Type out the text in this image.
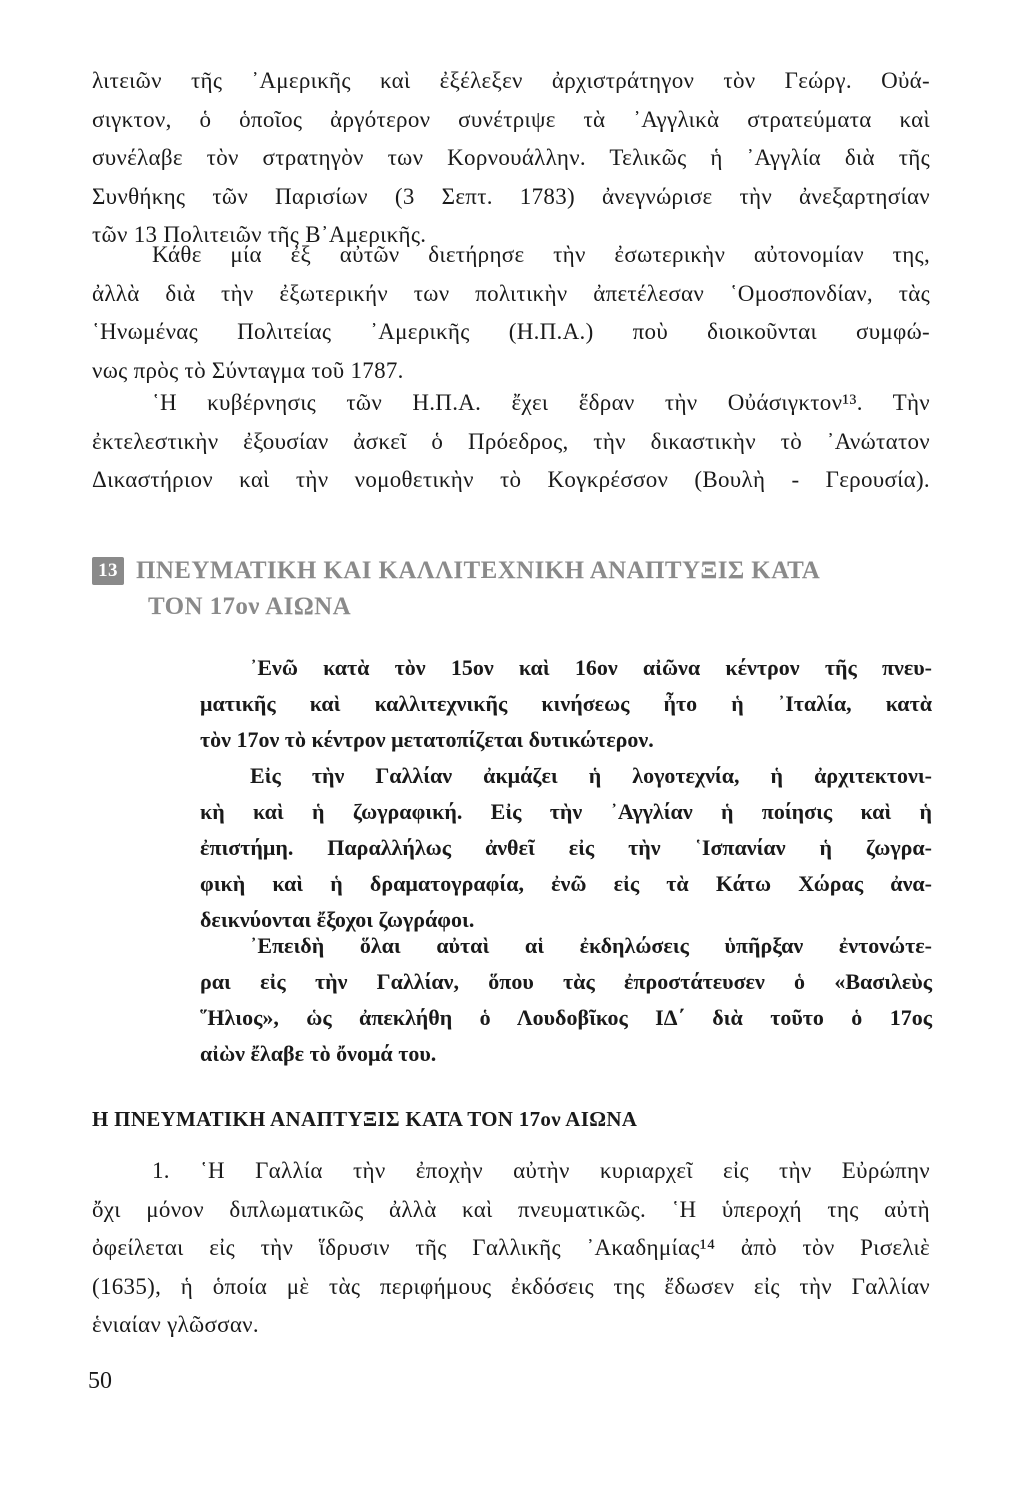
λιτειῶν τῆς ᾿Αμερικῆς καὶ ἐξέλεξεν ἀρχιστράτηγον τὸν Γεώργ. Οὐά-
σιγκτον, ὁ ὁποῖος ἀργότερον συνέτριψε τὰ ᾿Αγγλικὰ στρατεύματα καὶ
συνέλαβε τὸν στρατηγὸν των Κορνουάλλην. Τελικῶς ἡ ᾿Αγγλία διὰ τῆς
Συνθήκης τῶν Παρισίων (3 Σεπτ. 1783) ἀνεγνώρισε τὴν ἀνεξαρτησίαν
τῶν 13 Πολιτειῶν τῆς Β᾿Αμερικῆς.
Κάθε μία ἐξ αὐτῶν διετήρησε τὴν ἐσωτερικὴν αὐτονομίαν της,
ἀλλὰ διὰ τὴν ἐξωτερικήν των πολιτικὴν ἀπετέλεσαν ῾Ομοσπονδίαν, τὰς
῾Ηνωμένας Πολιτείας ᾿Αμερικῆς (Η.Π.Α.) ποὺ διοικοῦνται συμφώ-
νως πρὸς τὸ Σύνταγμα τοῦ 1787.
῾Η κυβέρνησις τῶν Η.Π.Α. ἔχει ἕδραν τὴν Οὐάσιγκτον¹³. Τὴν
ἐκτελεστικὴν ἐξουσίαν ἀσκεῖ ὁ Πρόεδρος, τὴν δικαστικὴν τὸ ᾿Ανώτατον
Δικαστήριον καὶ τὴν νομοθετικὴν τὸ Κογκρέσσον (Βουλὴ - Γερουσία).
13 ΠΝΕΥΜΑΤΙΚΗ ΚΑΙ ΚΑΛΛΙΤΕΧΝΙΚΗ ΑΝΑΠΤΥΞΙΣ ΚΑΤΑ
ΤΟΝ 17ον ΑΙΩΝΑ
᾿Ενῶ κατὰ τὸν 15ον καὶ 16ον αἰῶνα κέντρον τῆς πνευ-
ματικῆς καὶ καλλιτεχνικῆς κινήσεως ἦτο ἡ ᾿Ιταλία, κατὰ
τὸν 17ον τὸ κέντρον μετατοπίζεται δυτικώτερον.
Εἰς τὴν Γαλλίαν ἀκμάζει ἡ λογοτεχνία, ἡ ἀρχιτεκτονι-
κὴ καὶ ἡ ζωγραφική. Εἰς τὴν ᾿Αγγλίαν ἡ ποίησις καὶ ἡ
ἐπιστήμη. Παραλλήλως ἀνθεῖ εἰς τὴν ῾Ισπανίαν ἡ ζωγρα-
φικὴ καὶ ἡ δραματογραφία, ἐνῶ εἰς τὰ Κάτω Χώρας ἀνα-
δεικνύονται ἔξοχοι ζωγράφοι.
᾿Επειδὴ ὅλαι αὐταὶ αἱ ἐκδηλώσεις ὑπῆρξαν ἐντονώτε-
ραι εἰς τὴν Γαλλίαν, ὅπου τὰς ἐπροστάτευσεν ὁ «Βασιλεὺς
῞Ηλιος», ὡς ἀπεκλήθη ὁ Λουδοβῖκος ΙΔ΄ διὰ τοῦτο ὁ 17ος
αἰὼν ἔλαβε τὸ ὄνομά του.
Η ΠΝΕΥΜΑΤΙΚΗ ΑΝΑΠΤΥΞΙΣ ΚΑΤΑ ΤΟΝ 17ον ΑΙΩΝΑ
1. ῾Η Γαλλία τὴν ἐποχὴν αὐτὴν κυριαρχεῖ εἰς τὴν Εὐρώπην
ὄχι μόνον διπλωματικῶς ἀλλὰ καὶ πνευματικῶς. ῾Η ὑπεροχή της αὐτὴ
ὀφείλεται εἰς τὴν ἵδρυσιν τῆς Γαλλικῆς ᾿Ακαδημίας¹⁴ ἀπὸ τὸν Ρισελιὲ
(1635), ἡ ὁποία μὲ τὰς περιφήμους ἐκδόσεις της ἔδωσεν εἰς τὴν Γαλλίαν
ἑνιαίαν γλῶσσαν.
50
